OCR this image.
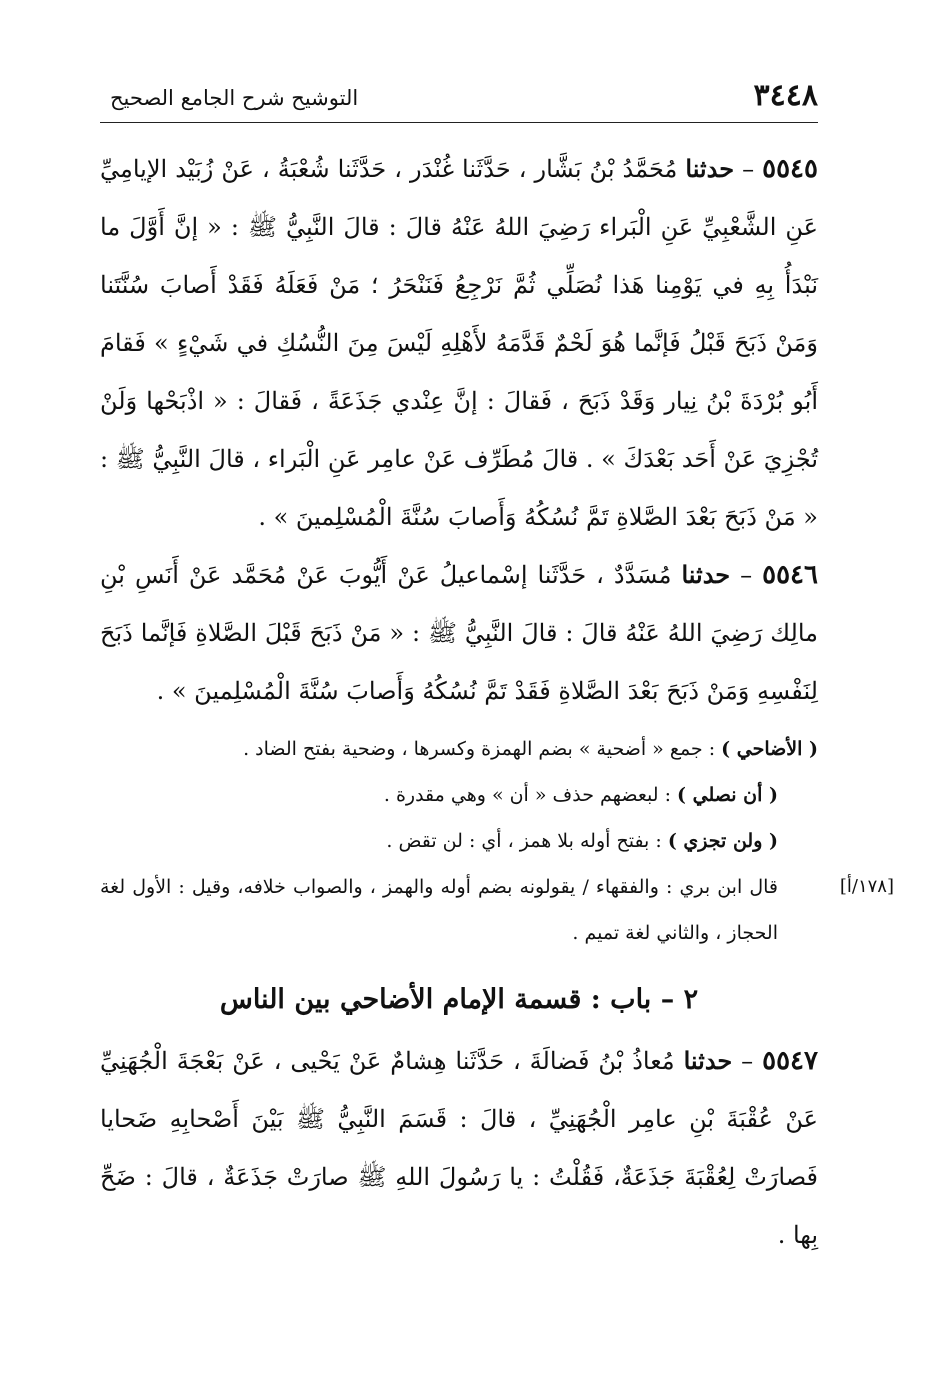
٣٤٤٨
التوشيح شرح الجامع الصحيح

٥٥٤٥ – حدثنا مُحَمَّدُ بْنُ بَشَّار ، حَدَّثَنا غُنْدَر ، حَدَّثَنا شُعْبَةُ ، عَنْ زُبَيْد الإيامِيِّ عَنِ الشَّعْبِيِّ عَنِ الْبَراء رَضِيَ اللهُ عَنْهُ قالَ : قالَ النَّبِيُّ ﷺ : « إنَّ أَوَّلَ ما نَبْدَأُ بِهِ في يَوْمِنا هَذا نُصَلِّي ثُمَّ نَرْجِعُ فَنَنْحَرُ ؛ مَنْ فَعَلَهُ فَقَدْ أَصابَ سُنَّتَنا وَمَنْ ذَبَحَ قَبْلُ فَإنَّما هُوَ لَحْمٌ قَدَّمَهُ لأَهْلِهِ لَيْسَ مِنَ النُّسُكِ في شَيْءٍ » فَقامَ أَبُو بُرْدَةَ بْنُ نِيار وَقَدْ ذَبَحَ ، فَقالَ : إنَّ عِنْدي جَذَعَةً ، فَقالَ : « اذْبَحْها وَلَنْ تُجْزِيَ عَنْ أَحَد بَعْدَكَ » . قالَ مُطَرِّف عَنْ عامِر عَنِ الْبَراء ، قالَ النَّبِيُّ ﷺ : « مَنْ ذَبَحَ بَعْدَ الصَّلاةِ تَمَّ نُسُكُهُ وَأَصابَ سُنَّةَ الْمُسْلِمينَ » .

٥٥٤٦ – حدثنا مُسَدَّدٌ ، حَدَّثَنا إسْماعيلُ عَنْ أَيُّوبَ عَنْ مُحَمَّد عَنْ أَنَسِ بْنِ مالِك رَضِيَ اللهُ عَنْهُ قالَ : قالَ النَّبِيُّ ﷺ : « مَنْ ذَبَحَ قَبْلَ الصَّلاةِ فَإنَّما ذَبَحَ لِنَفْسِهِ وَمَنْ ذَبَحَ بَعْدَ الصَّلاةِ فَقَدْ تَمَّ نُسُكُهُ وَأَصابَ سُنَّةَ الْمُسْلِمينَ » .

( الأضاحي ) : جمع « أضحية » بضم الهمزة وكسرها ، وضحية بفتح الضاد .

( أن نصلي ) : لبعضهم حذف « أن » وهي مقدرة .

( ولن تجزي ) : بفتح أوله بلا همز ، أي : لن تقض .

[١٧٨/أ]
قال ابن بري : والفقهاء / يقولونه بضم أوله والهمز ، والصواب خلافه، وقيل : الأول لغة الحجاز ، والثاني لغة تميم .

٢ – باب : قسمة الإمام الأضاحي بين الناس

٥٥٤٧ – حدثنا مُعاذُ بْنُ فَضالَةَ ، حَدَّثَنا هِشامٌ عَنْ يَحْيى ، عَنْ بَعْجَةَ الْجُهَنِيِّ عَنْ عُقْبَةَ بْنِ عامِر الْجُهَنِيِّ ، قالَ : قَسَمَ النَّبِيُّ ﷺ بَيْنَ أَصْحابِهِ ضَحايا فَصارَتْ لِعُقْبَةَ جَذَعَةٌ، فَقُلْتُ : يا رَسُولَ اللهِ ﷺ صارَتْ جَذَعَةٌ ، قالَ : ضَحِّ بِها .
